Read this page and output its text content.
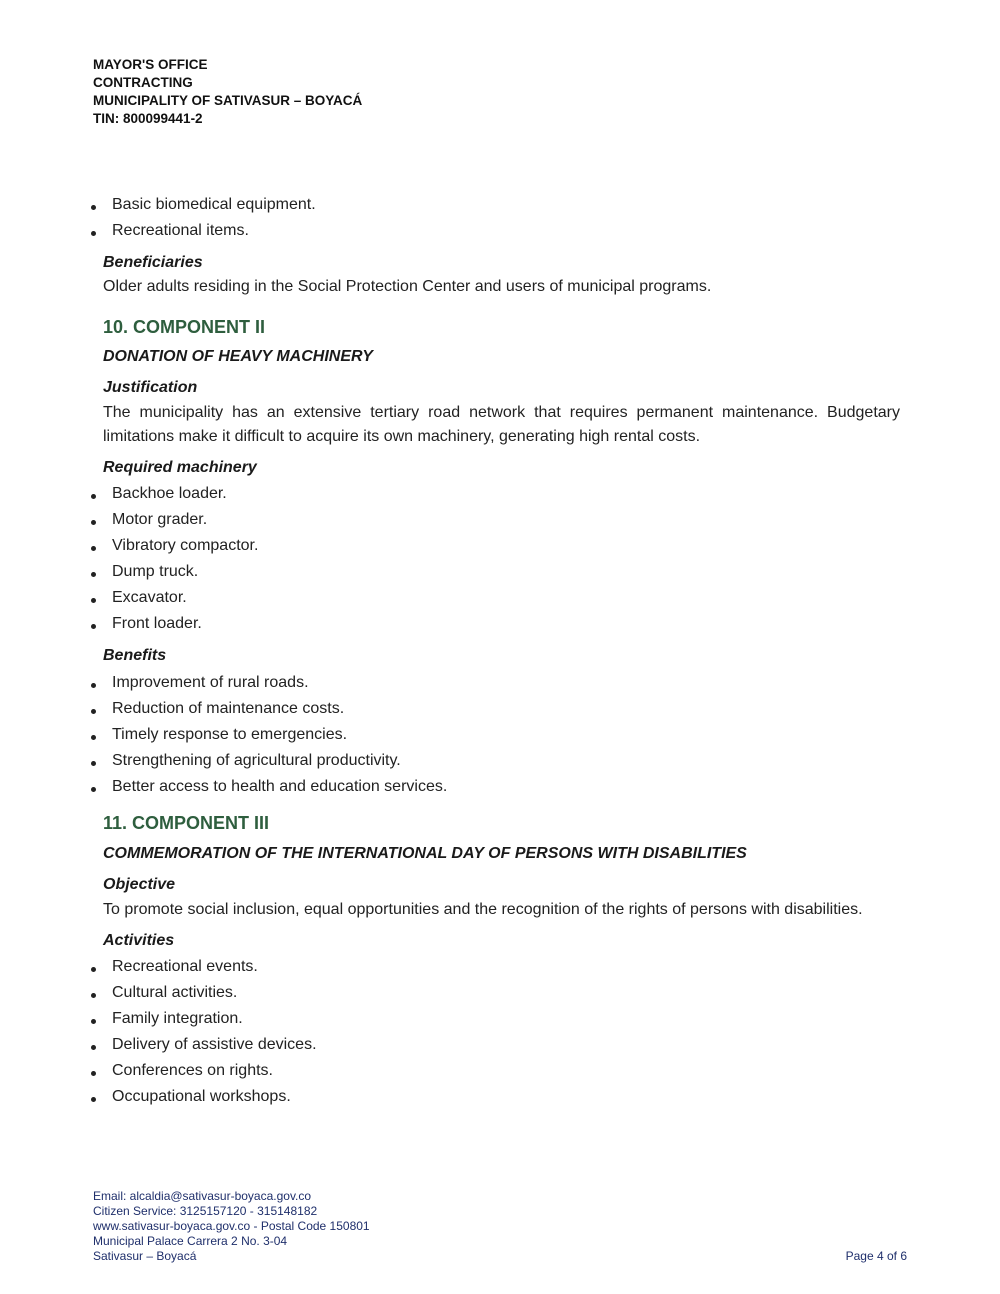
MAYOR'S OFFICE
CONTRACTING
MUNICIPALITY OF SATIVASUR – BOYACÁ
TIN: 800099441-2
Basic biomedical equipment.
Recreational items.
Beneficiaries
Older adults residing in the Social Protection Center and users of municipal programs.
10. COMPONENT II
DONATION OF HEAVY MACHINERY
Justification
The municipality has an extensive tertiary road network that requires permanent maintenance. Budgetary limitations make it difficult to acquire its own machinery, generating high rental costs.
Required machinery
Backhoe loader.
Motor grader.
Vibratory compactor.
Dump truck.
Excavator.
Front loader.
Benefits
Improvement of rural roads.
Reduction of maintenance costs.
Timely response to emergencies.
Strengthening of agricultural productivity.
Better access to health and education services.
11. COMPONENT III
COMMEMORATION OF THE INTERNATIONAL DAY OF PERSONS WITH DISABILITIES
Objective
To promote social inclusion, equal opportunities and the recognition of the rights of persons with disabilities.
Activities
Recreational events.
Cultural activities.
Family integration.
Delivery of assistive devices.
Conferences on rights.
Occupational workshops.
Email: alcaldia@sativasur-boyaca.gov.co
Citizen Service: 3125157120 - 315148182
www.sativasur-boyaca.gov.co - Postal Code 150801
Municipal Palace Carrera 2 No. 3-04
Sativasur – Boyacá	Page 4 of 6
